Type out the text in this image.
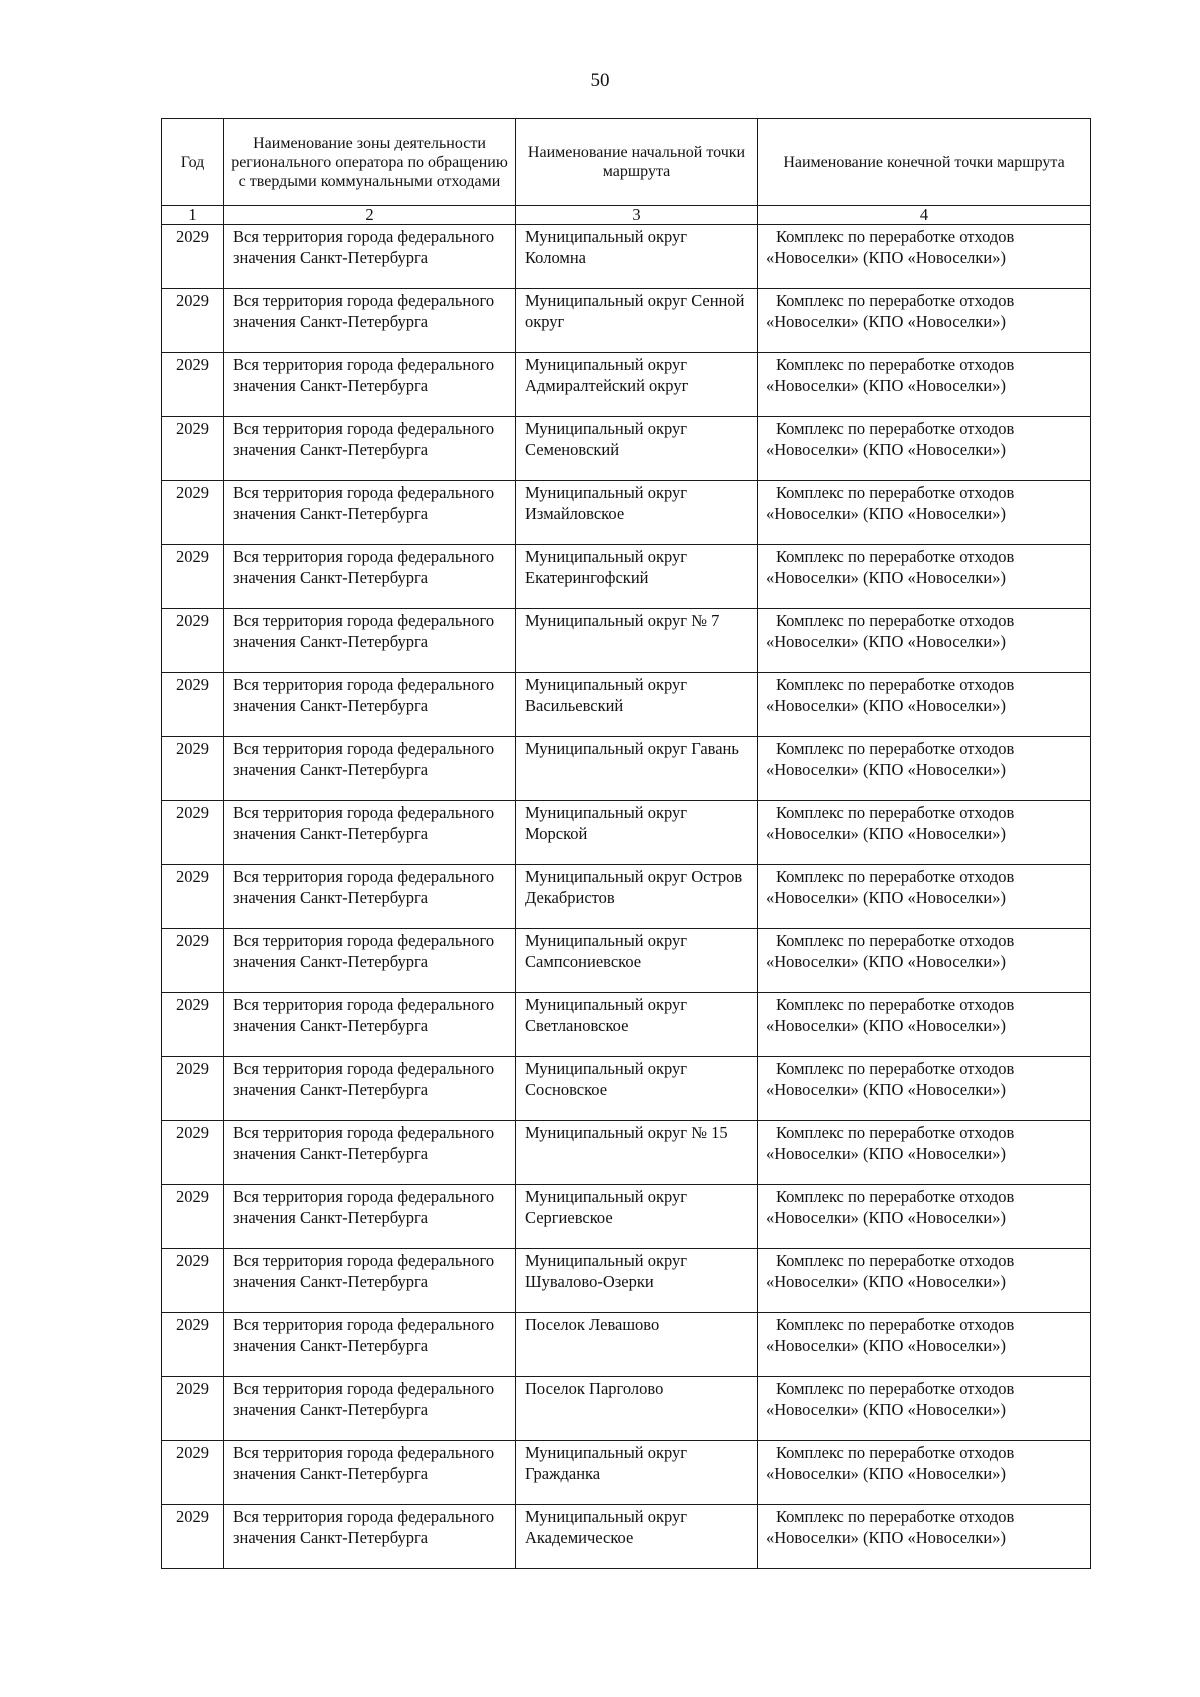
50
Год	Наименование зоны деятельности регионального оператора по обращению с твердыми коммунальными отходами	Наименование начальной точки маршрута	Наименование конечной точки маршрута
1	2	3	4
2029	Вся территория города федерального значения Санкт-Петербурга	Муниципальный округ Коломна	Комплекс по переработке отходов
«Новоселки» (КПО «Новоселки»)

2029	Вся территория города федерального значения Санкт-Петербурга	Муниципальный округ Сенной округ	Комплекс по переработке отходов
«Новоселки» (КПО «Новоселки»)

2029	Вся территория города федерального значения Санкт-Петербурга	Муниципальный округ Адмиралтейский округ	Комплекс по переработке отходов
«Новоселки» (КПО «Новоселки»)

2029	Вся территория города федерального значения Санкт-Петербурга	Муниципальный округ Семеновский	Комплекс по переработке отходов
«Новоселки» (КПО «Новоселки»)

2029	Вся территория города федерального значения Санкт-Петербурга	Муниципальный округ Измайловское	Комплекс по переработке отходов
«Новоселки» (КПО «Новоселки»)

2029	Вся территория города федерального значения Санкт-Петербурга	Муниципальный округ Екатерингофский	Комплекс по переработке отходов
«Новоселки» (КПО «Новоселки»)

2029	Вся территория города федерального значения Санкт-Петербурга	Муниципальный округ № 7	Комплекс по переработке отходов
«Новоселки» (КПО «Новоселки»)

2029	Вся территория города федерального значения Санкт-Петербурга	Муниципальный округ Васильевский	Комплекс по переработке отходов
«Новоселки» (КПО «Новоселки»)

2029	Вся территория города федерального значения Санкт-Петербурга	Муниципальный округ Гавань	Комплекс по переработке отходов
«Новоселки» (КПО «Новоселки»)

2029	Вся территория города федерального значения Санкт-Петербурга	Муниципальный округ Морской	Комплекс по переработке отходов
«Новоселки» (КПО «Новоселки»)

2029	Вся территория города федерального значения Санкт-Петербурга	Муниципальный округ Остров Декабристов	Комплекс по переработке отходов
«Новоселки» (КПО «Новоселки»)

2029	Вся территория города федерального значения Санкт-Петербурга	Муниципальный округ Сампсониевское	Комплекс по переработке отходов
«Новоселки» (КПО «Новоселки»)

2029	Вся территория города федерального значения Санкт-Петербурга	Муниципальный округ Светлановское	Комплекс по переработке отходов
«Новоселки» (КПО «Новоселки»)

2029	Вся территория города федерального значения Санкт-Петербурга	Муниципальный округ Сосновское	Комплекс по переработке отходов
«Новоселки» (КПО «Новоселки»)

2029	Вся территория города федерального значения Санкт-Петербурга	Муниципальный округ № 15	Комплекс по переработке отходов
«Новоселки» (КПО «Новоселки»)

2029	Вся территория города федерального значения Санкт-Петербурга	Муниципальный округ Сергиевское	Комплекс по переработке отходов
«Новоселки» (КПО «Новоселки»)

2029	Вся территория города федерального значения Санкт-Петербурга	Муниципальный округ Шувалово-Озерки	Комплекс по переработке отходов
«Новоселки» (КПО «Новоселки»)

2029	Вся территория города федерального значения Санкт-Петербурга	Поселок Левашово	Комплекс по переработке отходов
«Новоселки» (КПО «Новоселки»)

2029	Вся территория города федерального значения Санкт-Петербурга	Поселок Парголово	Комплекс по переработке отходов
«Новоселки» (КПО «Новоселки»)

2029	Вся территория города федерального значения Санкт-Петербурга	Муниципальный округ Гражданка	Комплекс по переработке отходов
«Новоселки» (КПО «Новоселки»)

2029	Вся территория города федерального значения Санкт-Петербурга	Муниципальный округ Академическое	Комплекс по переработке отходов
«Новоселки» (КПО «Новоселки»)
